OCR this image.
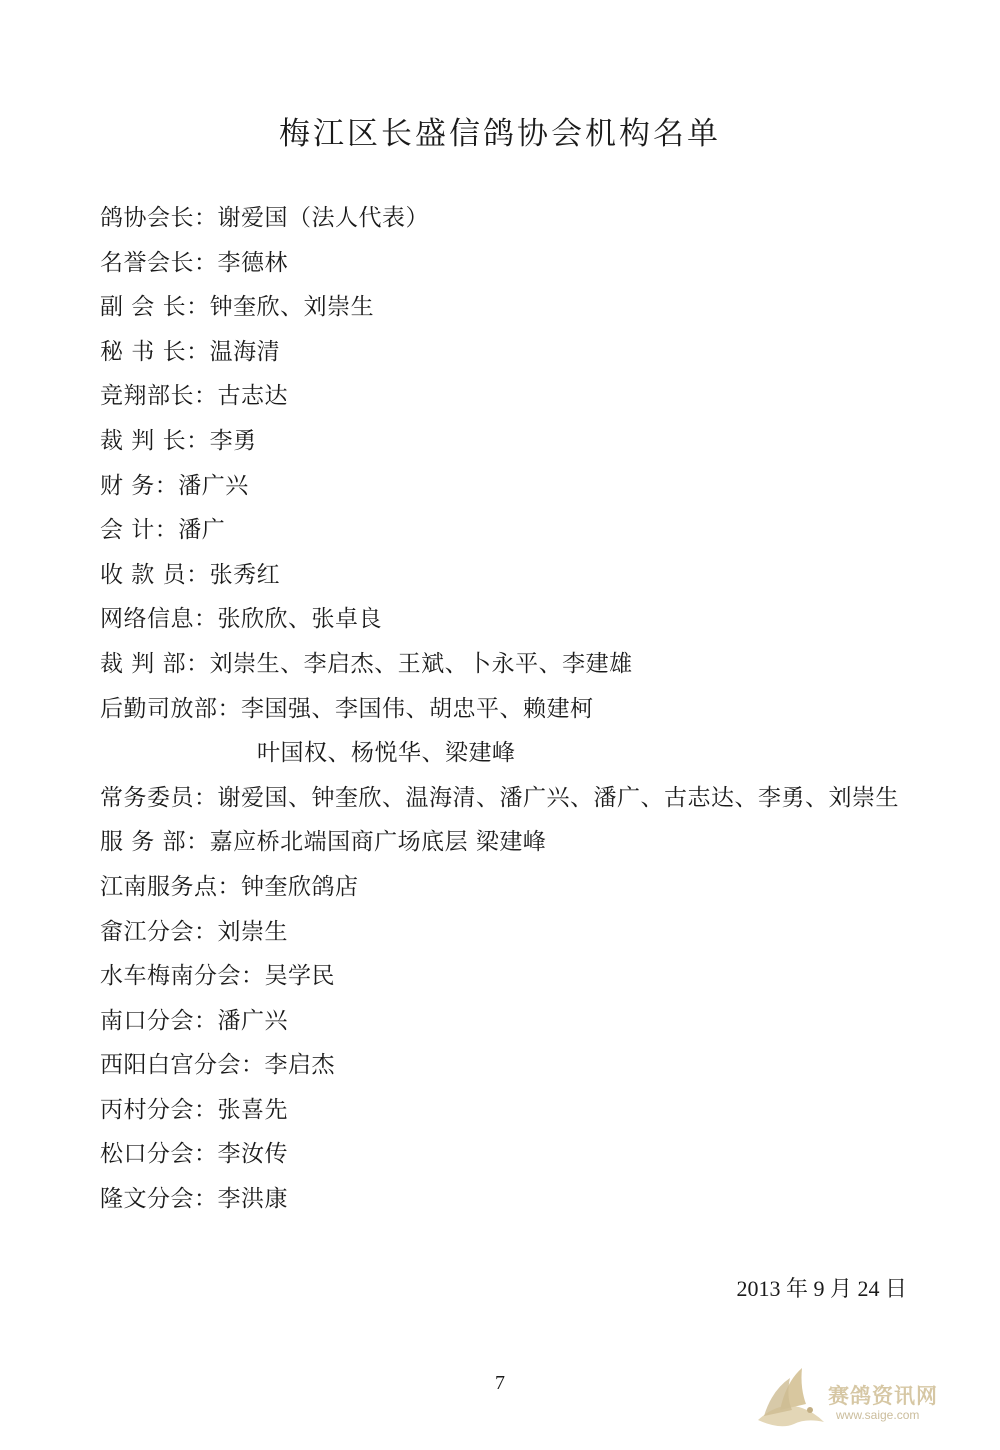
梅江区长盛信鸽协会机构名单
鸽协会长：谢爱国（法人代表）
名誉会长：李德林
副 会 长：钟奎欣、刘崇生
秘 书 长：温海清
竞翔部长：古志达
裁 判 长：李勇
财 务：潘广兴
会 计：潘广
收 款 员：张秀红
网络信息：张欣欣、张卓良
裁 判 部：刘崇生、李启杰、王斌、卜永平、李建雄
后勤司放部：李国强、李国伟、胡忠平、赖建柯
叶国权、杨悦华、梁建峰
常务委员：谢爱国、钟奎欣、温海清、潘广兴、潘广、古志达、李勇、刘崇生
服 务 部：嘉应桥北端国商广场底层 梁建峰
江南服务点：钟奎欣鸽店
畲江分会：刘崇生
水车梅南分会：吴学民
南口分会：潘广兴
西阳白宫分会：李启杰
丙村分会：张喜先
松口分会：李汝传
隆文分会：李洪康
2013 年 9 月 24 日
7
赛鸽资讯网
www.saige.com
